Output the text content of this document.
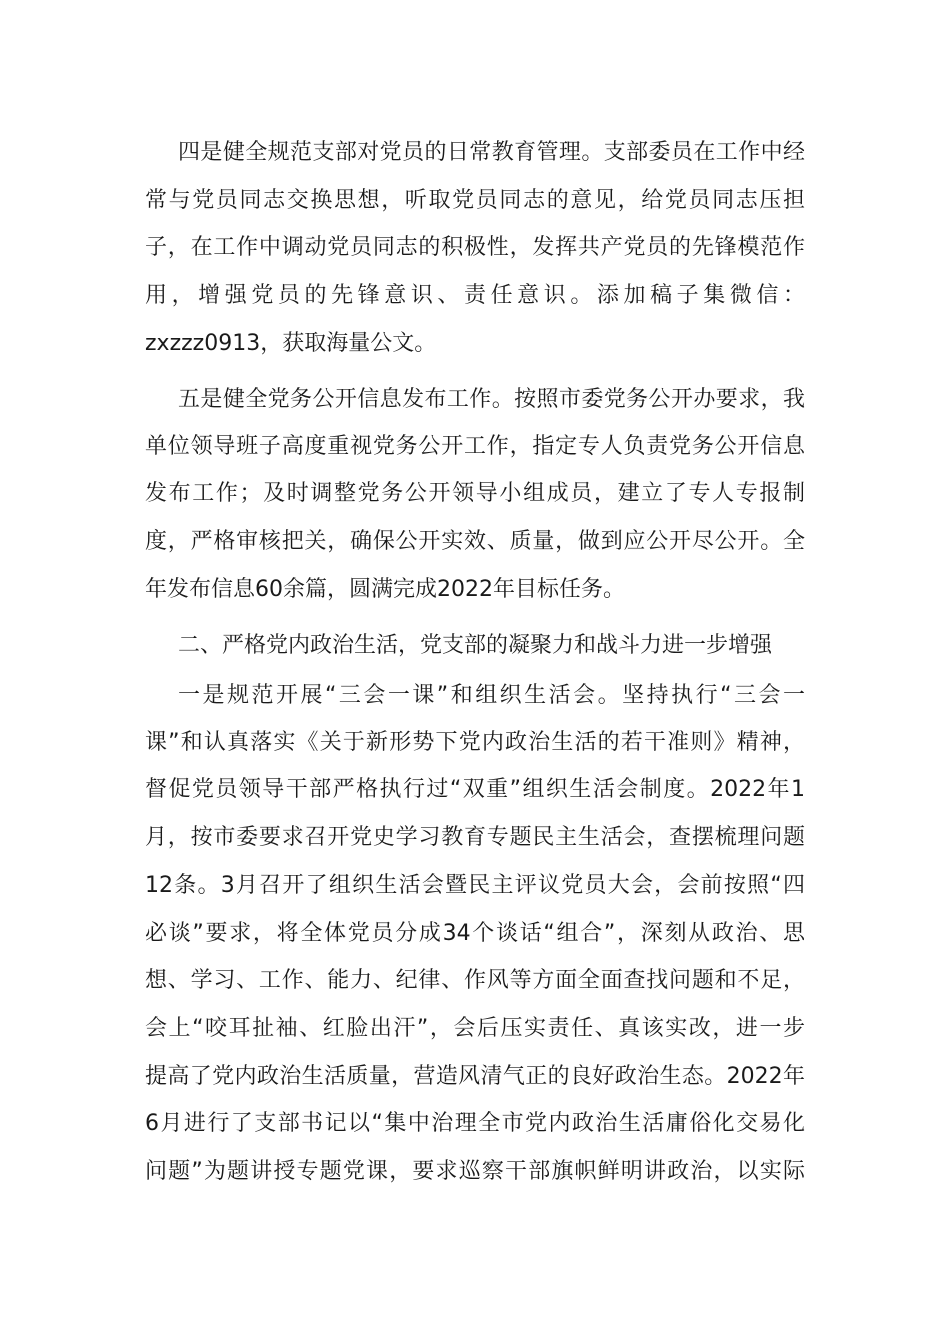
四是健全规范支部对党员的日常教育管理。支部委员在工作中经
常与党员同志交换思想，听取党员同志的意见，给党员同志压担
子，在工作中调动党员同志的积极性，发挥共产党员的先锋模范作
用，增强党员的先锋意识、责任意识。添加稿子集微信：
zxzzz0913，获取海量公文。
五是健全党务公开信息发布工作。按照市委党务公开办要求，我
单位领导班子高度重视党务公开工作，指定专人负责党务公开信息
发布工作；及时调整党务公开领导小组成员，建立了专人专报制
度，严格审核把关，确保公开实效、质量，做到应公开尽公开。全
年发布信息60余篇，圆满完成2022年目标任务。
二、严格党内政治生活，党支部的凝聚力和战斗力进一步增强
一是规范开展“三会一课”和组织生活会。坚持执行“三会一
课”和认真落实《关于新形势下党内政治生活的若干准则》精神，
督促党员领导干部严格执行过“双重”组织生活会制度。2022年1
月，按市委要求召开党史学习教育专题民主生活会，查摆梳理问题
12条。3月召开了组织生活会暨民主评议党员大会，会前按照“四
必谈”要求，将全体党员分成34个谈话“组合”，深刻从政治、思
想、学习、工作、能力、纪律、作风等方面全面查找问题和不足，
会上“咬耳扯袖、红脸出汗”，会后压实责任、真该实改，进一步
提高了党内政治生活质量，营造风清气正的良好政治生态。2022年
6月进行了支部书记以“集中治理全市党内政治生活庸俗化交易化
问题”为题讲授专题党课，要求巡察干部旗帜鲜明讲政治，以实际
